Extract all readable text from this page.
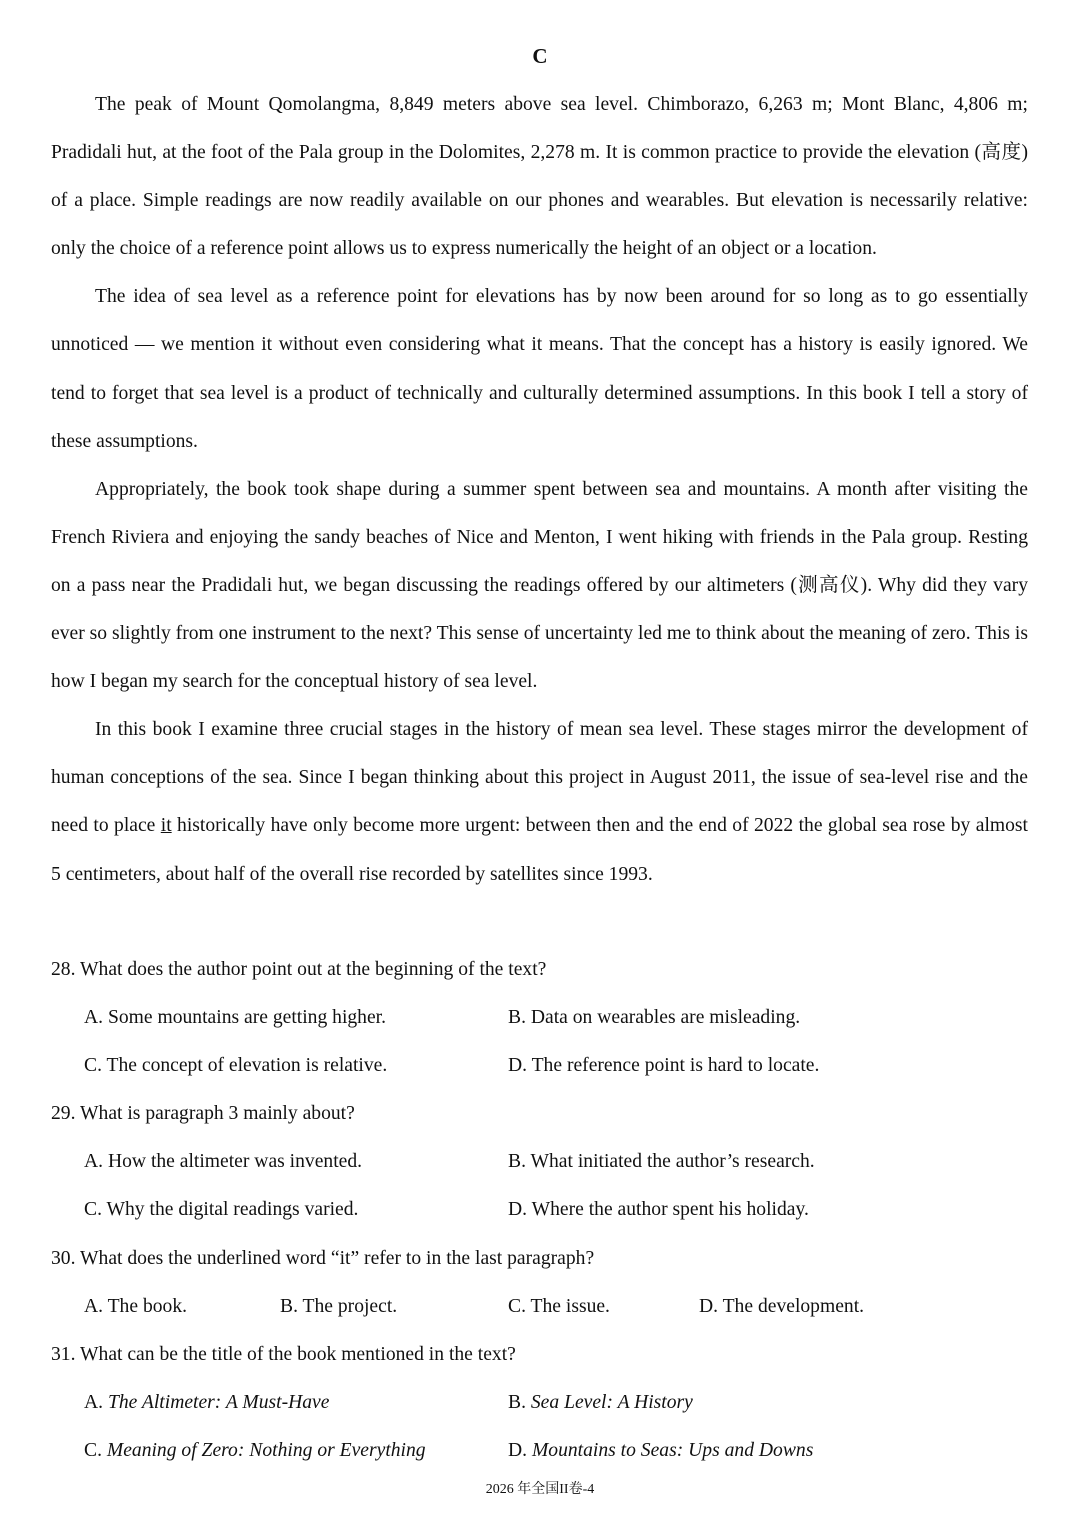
C

The peak of Mount Qomolangma, 8,849 meters above sea level. Chimborazo, 6,263 m; Mont Blanc, 4,806 m; Pradidali hut, at the foot of the Pala group in the Dolomites, 2,278 m. It is common practice to provide the elevation (高度) of a place. Simple readings are now readily available on our phones and wearables. But elevation is necessarily relative: only the choice of a reference point allows us to express numerically the height of an object or a location.

The idea of sea level as a reference point for elevations has by now been around for so long as to go essentially unnoticed — we mention it without even considering what it means. That the concept has a history is easily ignored. We tend to forget that sea level is a product of technically and culturally determined assumptions. In this book I tell a story of these assumptions.

Appropriately, the book took shape during a summer spent between sea and mountains. A month after visiting the French Riviera and enjoying the sandy beaches of Nice and Menton, I went hiking with friends in the Pala group. Resting on a pass near the Pradidali hut, we began discussing the readings offered by our altimeters (测高仪). Why did they vary ever so slightly from one instrument to the next? This sense of uncertainty led me to think about the meaning of zero. This is how I began my search for the conceptual history of sea level.

In this book I examine three crucial stages in the history of mean sea level. These stages mirror the development of human conceptions of the sea. Since I began thinking about this project in August 2011, the issue of sea-level rise and the need to place it historically have only become more urgent: between then and the end of 2022 the global sea rose by almost 5 centimeters, about half of the overall rise recorded by satellites since 1993.

28. What does the author point out at the beginning of the text?

A. Some mountains are getting higher.	B. Data on wearables are misleading.
C. The concept of elevation is relative.	D. The reference point is hard to locate.

29. What is paragraph 3 mainly about?

A. How the altimeter was invented.	B. What initiated the author’s research.
C. Why the digital readings varied.	D. Where the author spent his holiday.

30. What does the underlined word “it” refer to in the last paragraph?

A. The book.	B. The project.	C. The issue.	D. The development.

31. What can be the title of the book mentioned in the text?

A. The Altimeter: A Must-Have	B. Sea Level: A History
C. Meaning of Zero: Nothing or Everything	D. Mountains to Seas: Ups and Downs
2026 年全国II卷-4
